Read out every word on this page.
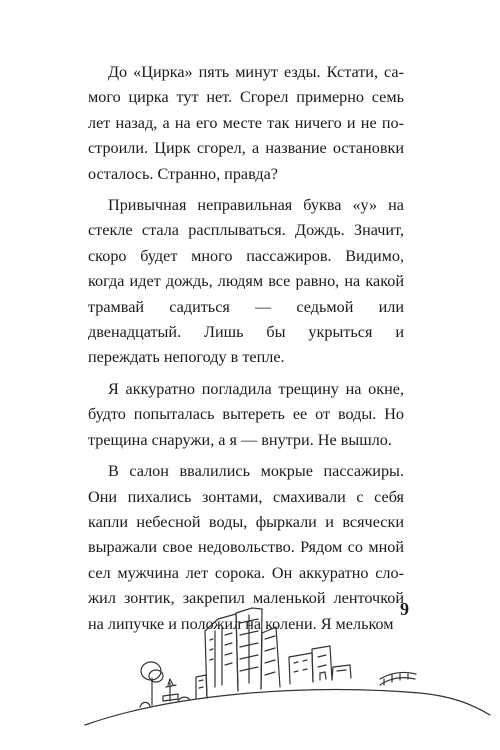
До «Цирка» пять минут езды. Кстати, самого цирка тут нет. Сгорел примерно семь лет назад, а на его месте так ничего и не построили. Цирк сгорел, а название остановки осталось. Странно, правда?

Привычная неправильная буква «у» на стекле стала расплываться. Дождь. Значит, скоро будет много пассажиров. Видимо, когда идет дождь, людям все равно, на какой трамвай садиться — седьмой или двенадцатый. Лишь бы укрыться и переждать непогоду в тепле.

Я аккуратно погладила трещину на окне, будто попыталась вытереть ее от воды. Но трещина снаружи, а я — внутри. Не вышло.

В салон ввалились мокрые пассажиры. Они пихались зонтами, смахивали с себя капли небесной воды, фыркали и всячески выражали свое недовольство. Рядом со мной сел мужчина лет сорока. Он аккуратно сложил зонтик, закрепил маленькой ленточкой на липучке и положил на колени. Я мельком

9
